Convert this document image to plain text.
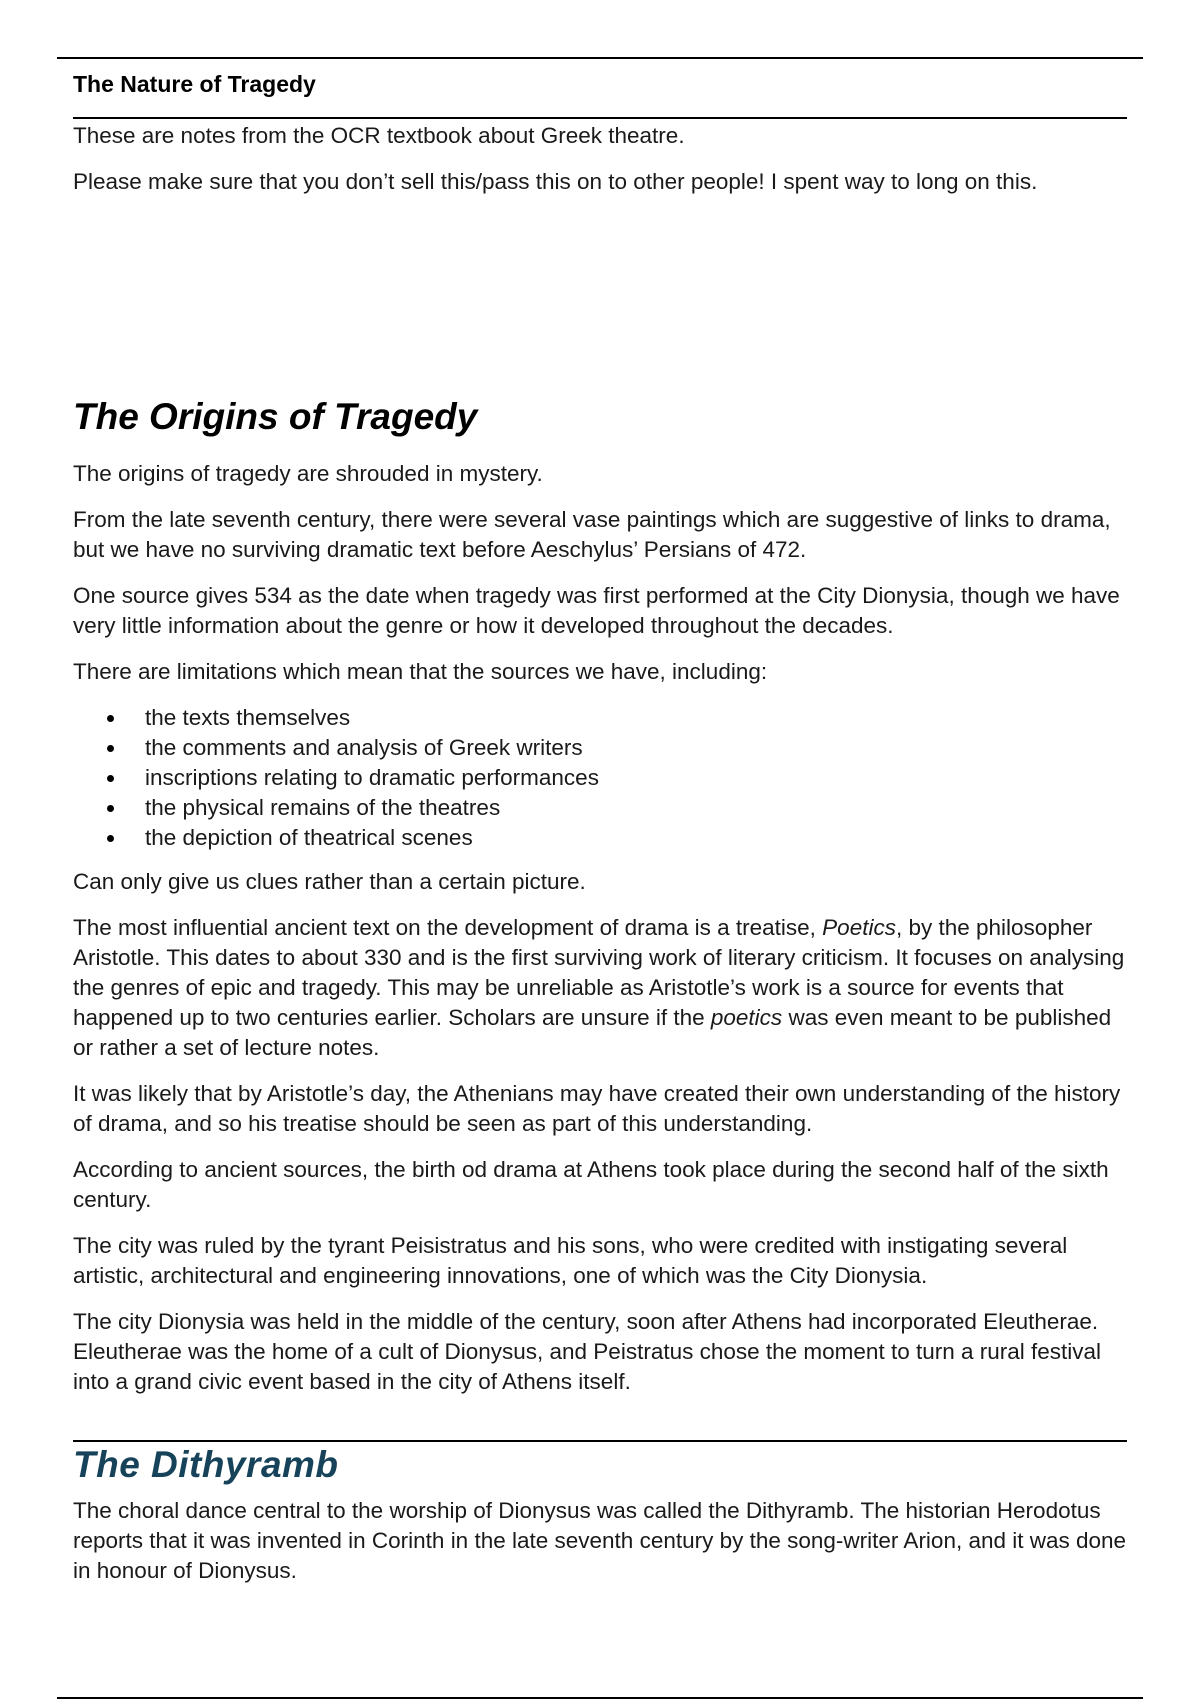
The Nature of Tragedy

These are notes from the OCR textbook about Greek theatre.

Please make sure that you don’t sell this/pass this on to other people! I spent way to long on this.

The Origins of Tragedy

The origins of tragedy are shrouded in mystery.

From the late seventh century, there were several vase paintings which are suggestive of links to drama, but we have no surviving dramatic text before Aeschylus’ Persians of 472.

One source gives 534 as the date when tragedy was first performed at the City Dionysia, though we have very little information about the genre or how it developed throughout the decades.

There are limitations which mean that the sources we have, including:

the texts themselves
the comments and analysis of Greek writers
inscriptions relating to dramatic performances
the physical remains of the theatres
the depiction of theatrical scenes

Can only give us clues rather than a certain picture.

The most influential ancient text on the development of drama is a treatise, Poetics, by the philosopher Aristotle. This dates to about 330 and is the first surviving work of literary criticism. It focuses on analysing the genres of epic and tragedy. This may be unreliable as Aristotle’s work is a source for events that happened up to two centuries earlier. Scholars are unsure if the poetics was even meant to be published or rather a set of lecture notes.

It was likely that by Aristotle’s day, the Athenians may have created their own understanding of the history of drama, and so his treatise should be seen as part of this understanding.

According to ancient sources, the birth od drama at Athens took place during the second half of the sixth century.

The city was ruled by the tyrant Peisistratus and his sons, who were credited with instigating several artistic, architectural and engineering innovations, one of which was the City Dionysia.

The city Dionysia was held in the middle of the century, soon after Athens had incorporated Eleutherae. Eleutherae was the home of a cult of Dionysus, and Peistratus chose the moment to turn a rural festival into a grand civic event based in the city of Athens itself.

The Dithyramb

The choral dance central to the worship of Dionysus was called the Dithyramb. The historian Herodotus reports that it was invented in Corinth in the late seventh century by the song-writer Arion, and it was done in honour of Dionysus.
